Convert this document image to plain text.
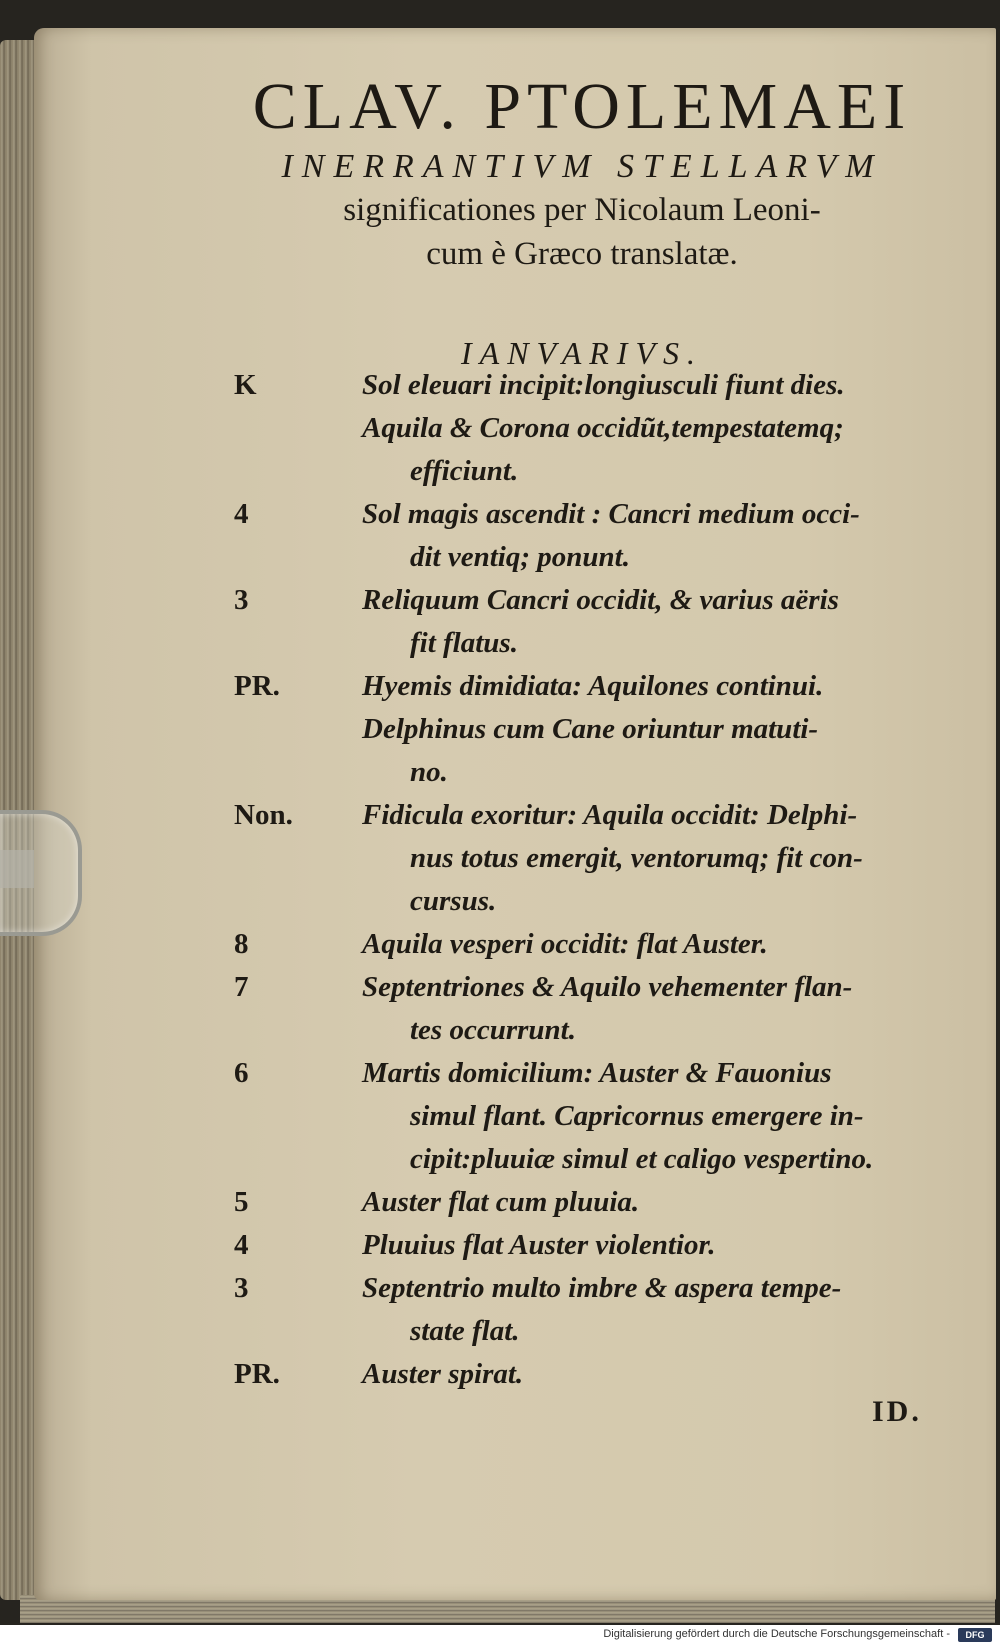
CLAV. PTOLEMAEI
INERRANTIVM STELLARVM
significationes per Nicolaum Leoni-
cum è Græco translatæ.
IANVARIVS.
K	Sol eleuari incipit:longiusculi fiunt dies.
Aquila & Corona occidũt,tempestatemq;
efficiunt.
4	Sol magis ascendit : Cancri medium occi-
dit ventiq; ponunt.
3	Reliquum Cancri occidit, & varius aëris
fit flatus.
PR.	Hyemis dimidiata: Aquilones continui.
Delphinus cum Cane oriuntur matuti-
no.
Non.	Fidicula exoritur: Aquila occidit: Delphi-
nus totus emergit, ventorumq; fit con-
cursus.
8	Aquila vesperi occidit: flat Auster.
7	Septentriones & Aquilo vehementer flan-
tes occurrunt.
6	Martis domicilium: Auster & Fauonius
simul flant. Capricornus emergere in-
cipit:pluuiæ simul et caligo vespertino.
5	Auster flat cum pluuia.
4	Pluuius flat Auster violentior.
3	Septentrio multo imbre & aspera tempe-
state flat.
PR.	Auster spirat.
ID.
Digitalisierung gefördert durch die Deutsche Forschungsgemeinschaft -	DFG
